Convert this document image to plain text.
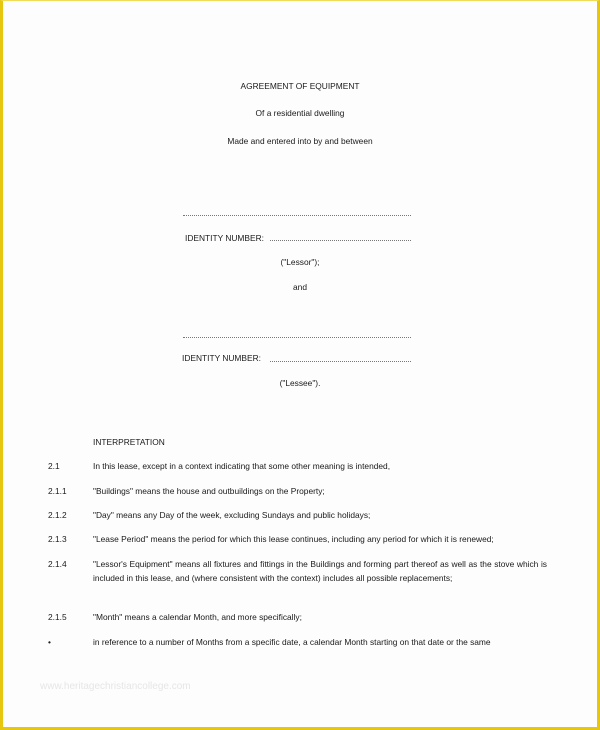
AGREEMENT OF EQUIPMENT
Of a residential dwelling
Made and entered into by and between
IDENTITY NUMBER:
("Lessor");
and
IDENTITY NUMBER:
("Lessee").
INTERPRETATION
2.1	In this lease, except in a context indicating that some other meaning is intended,
2.1.1	"Buildings" means the house and outbuildings on the Property;
2.1.2	"Day" means any Day of the week, excluding Sundays and public holidays;
2.1.3	"Lease Period" means the period for which this lease continues, including any period for which it is renewed;
2.1.4	"Lessor's Equipment" means all fixtures and fittings in the Buildings and forming part thereof as well as the stove which is included in this lease, and (where consistent with the context) includes all possible replacements;
2.1.5	"Month" means a calendar Month, and more specifically;
•	in reference to a number of Months from a specific date, a calendar Month starting on that date or the same
www.heritagechristiancollege.com
